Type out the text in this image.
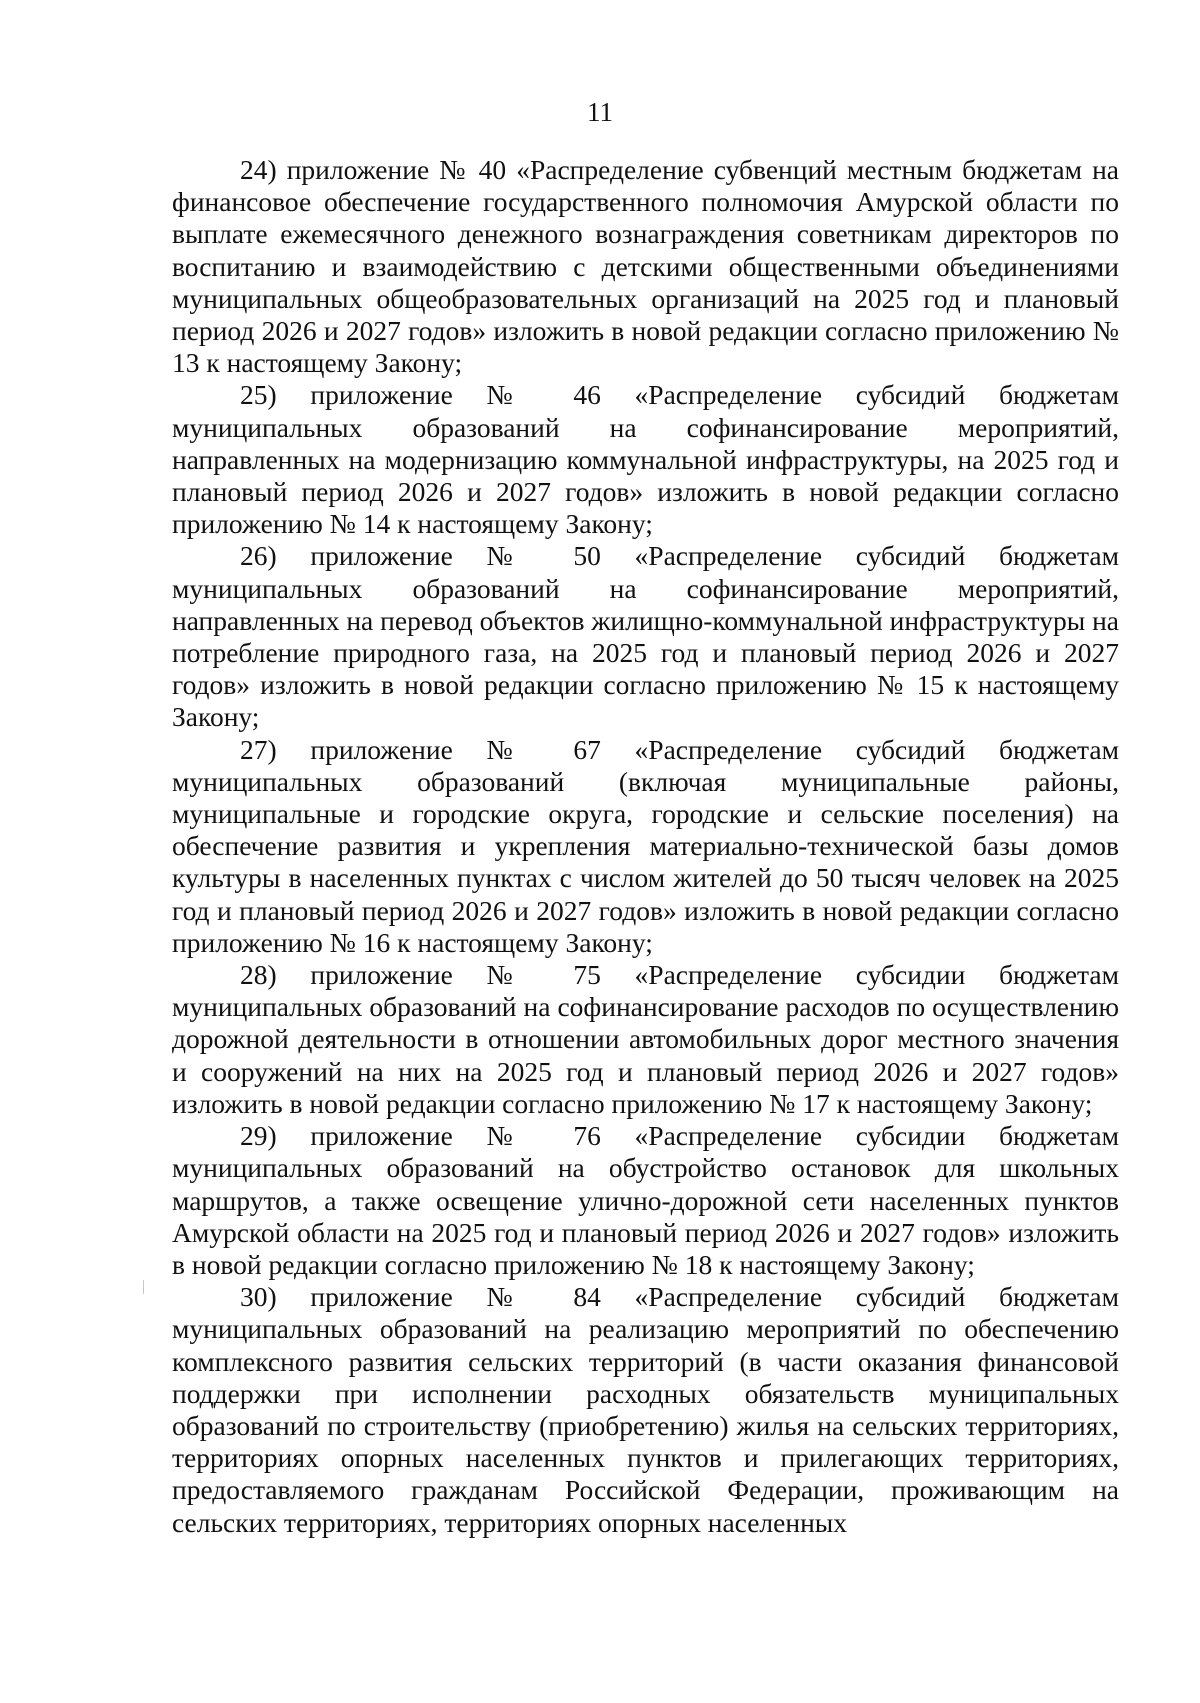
11

24) приложение № 40 «Распределение субвенций местным бюджетам на финансовое обеспечение государственного полномочия Амурской области по выплате ежемесячного денежного вознаграждения советникам директоров по воспитанию и взаимодействию с детскими общественными объединениями муниципальных общеобразовательных организаций на 2025 год и плановый период 2026 и 2027 годов» изложить в новой редакции согласно приложению № 13 к настоящему Закону;

25) приложение № 46 «Распределение субсидий бюджетам муниципальных образований на софинансирование мероприятий, направленных на модернизацию коммунальной инфраструктуры, на 2025 год и плановый период 2026 и 2027 годов» изложить в новой редакции согласно приложению № 14 к настоящему Закону;

26) приложение № 50 «Распределение субсидий бюджетам муниципальных образований на софинансирование мероприятий, направленных на перевод объектов жилищно-коммунальной инфраструктуры на потребление природного газа, на 2025 год и плановый период 2026 и 2027 годов» изложить в новой редакции согласно приложению № 15 к настоящему Закону;

27) приложение № 67 «Распределение субсидий бюджетам муниципальных образований (включая муниципальные районы, муниципальные и городские округа, городские и сельские поселения) на обеспечение развития и укрепления материально-технической базы домов культуры в населенных пунктах с числом жителей до 50 тысяч человек на 2025 год и плановый период 2026 и 2027 годов» изложить в новой редакции согласно приложению № 16 к настоящему Закону;

28) приложение № 75 «Распределение субсидии бюджетам муниципальных образований на софинансирование расходов по осуществлению дорожной деятельности в отношении автомобильных дорог местного значения и сооружений на них на 2025 год и плановый период 2026 и 2027 годов» изложить в новой редакции согласно приложению № 17 к настоящему Закону;

29) приложение № 76 «Распределение субсидии бюджетам муниципальных образований на обустройство остановок для школьных маршрутов, а также освещение улично-дорожной сети населенных пунктов Амурской области на 2025 год и плановый период 2026 и 2027 годов» изложить в новой редакции согласно приложению № 18 к настоящему Закону;

30) приложение № 84 «Распределение субсидий бюджетам муниципальных образований на реализацию мероприятий по обеспечению комплексного развития сельских территорий (в части оказания финансовой поддержки при исполнении расходных обязательств муниципальных образований по строительству (приобретению) жилья на сельских территориях, территориях опорных населенных пунктов и прилегающих территориях, предоставляемого гражданам Российской Федерации, проживающим на сельских территориях, территориях опорных населенных
